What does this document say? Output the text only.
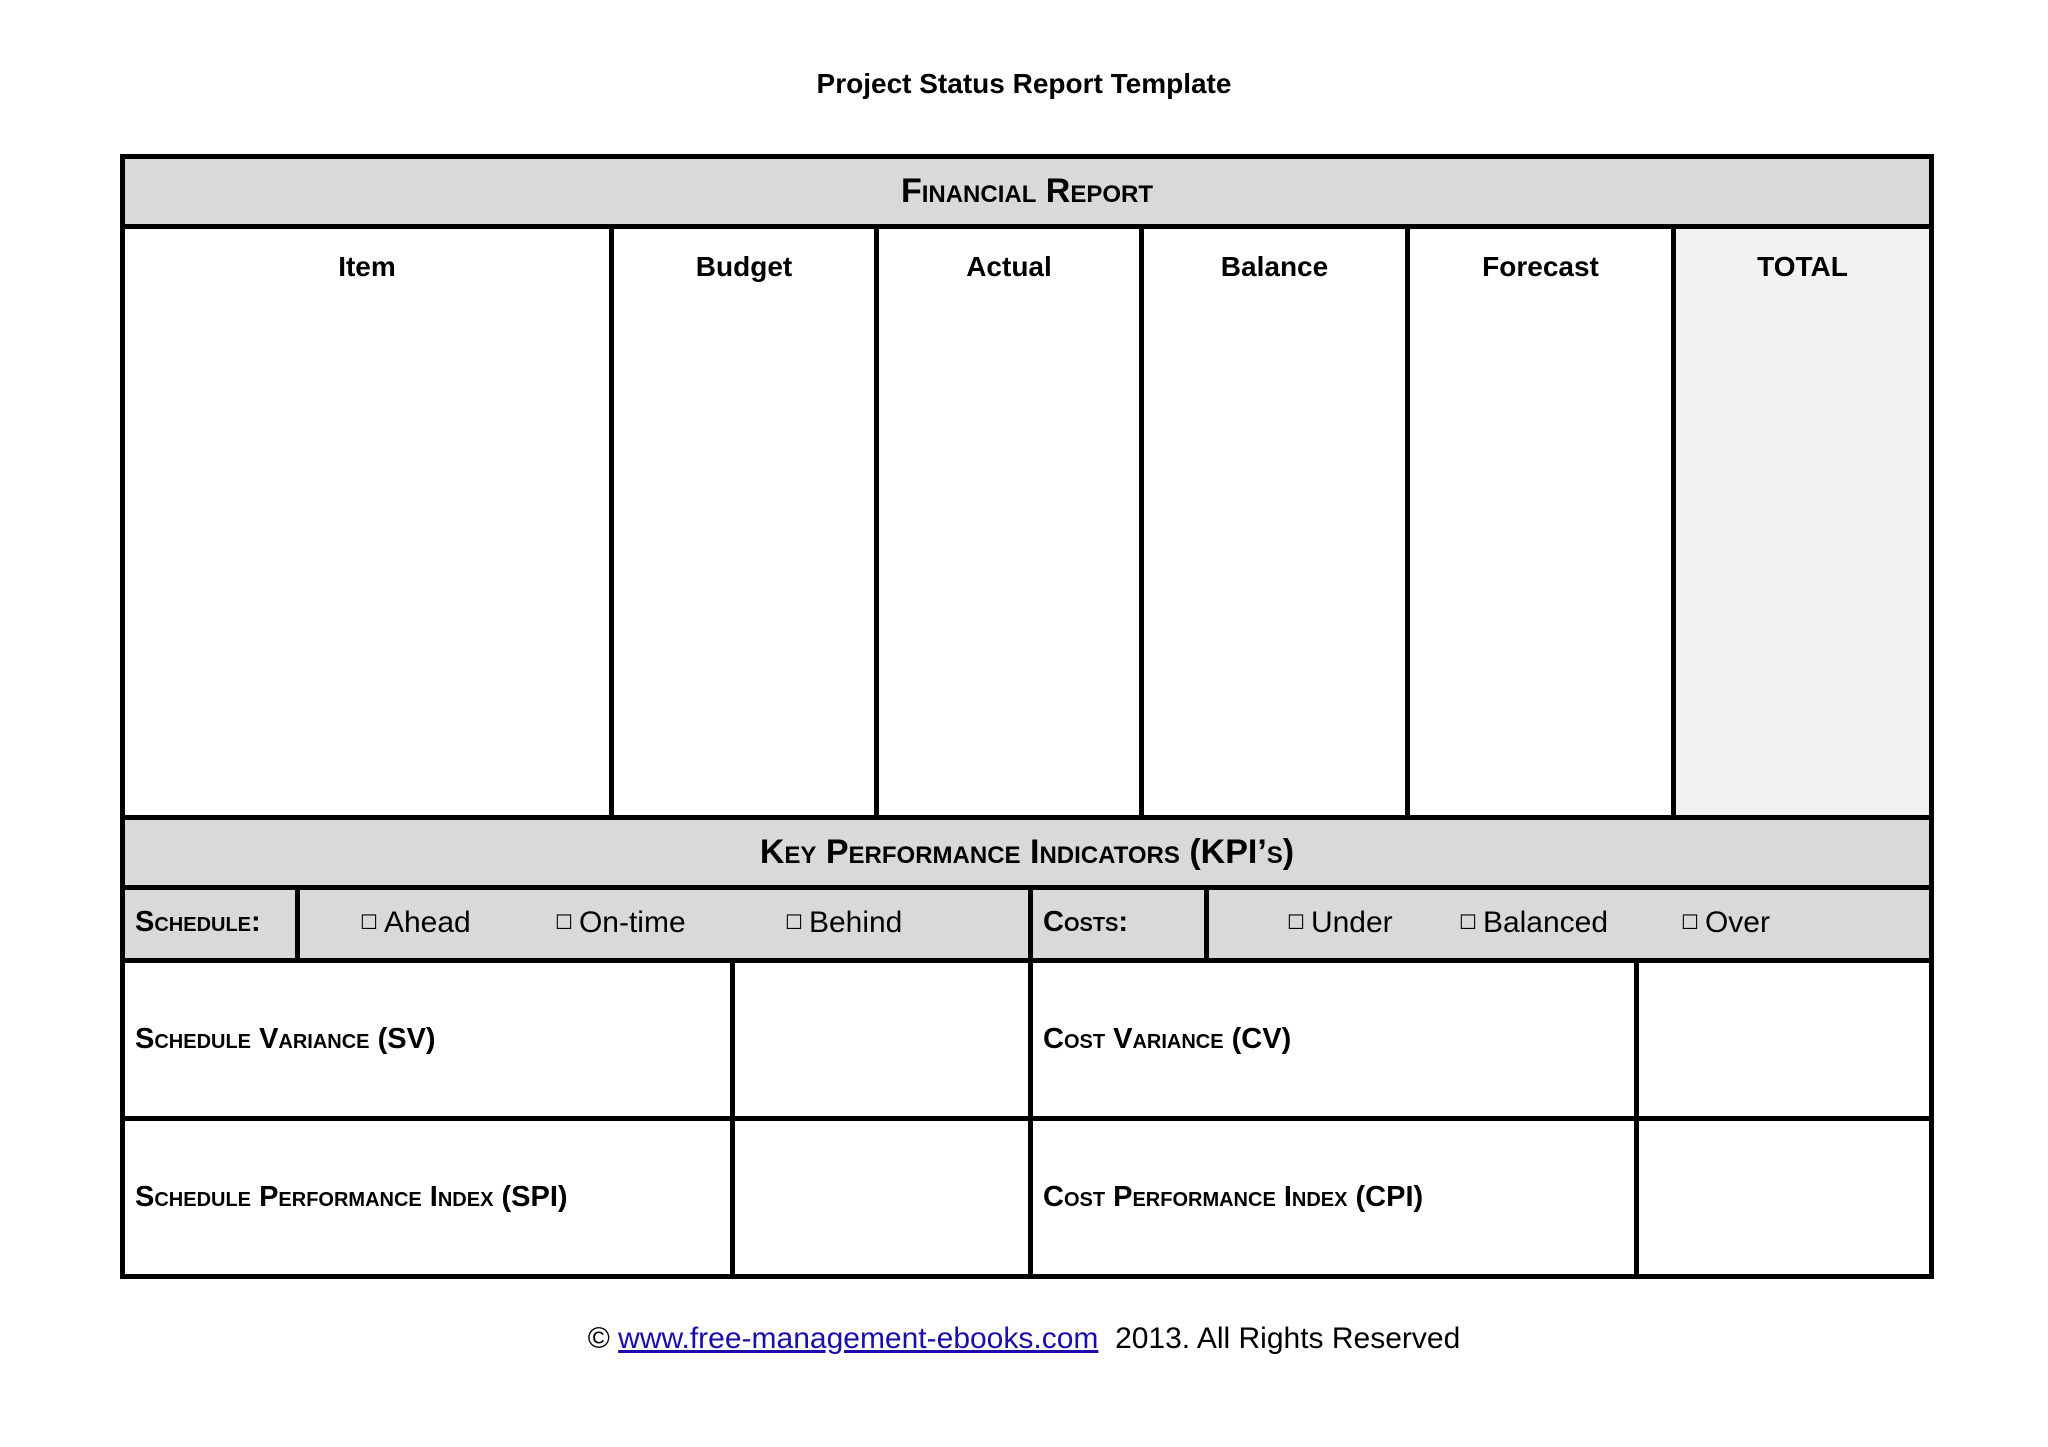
Project Status Report Template
Financial Report
Item	Budget	Actual	Balance	Forecast	TOTAL
Key Performance Indicators (KPI’s)
Schedule:	☐ Ahead	☐ On-time	☐ Behind	Costs:	☐ Under	☐ Balanced	☐ Over
Schedule Variance (SV)	Cost Variance (CV)
Schedule Performance Index (SPI)	Cost Performance Index (CPI)
© www.free-management-ebooks.com 2013. All Rights Reserved
